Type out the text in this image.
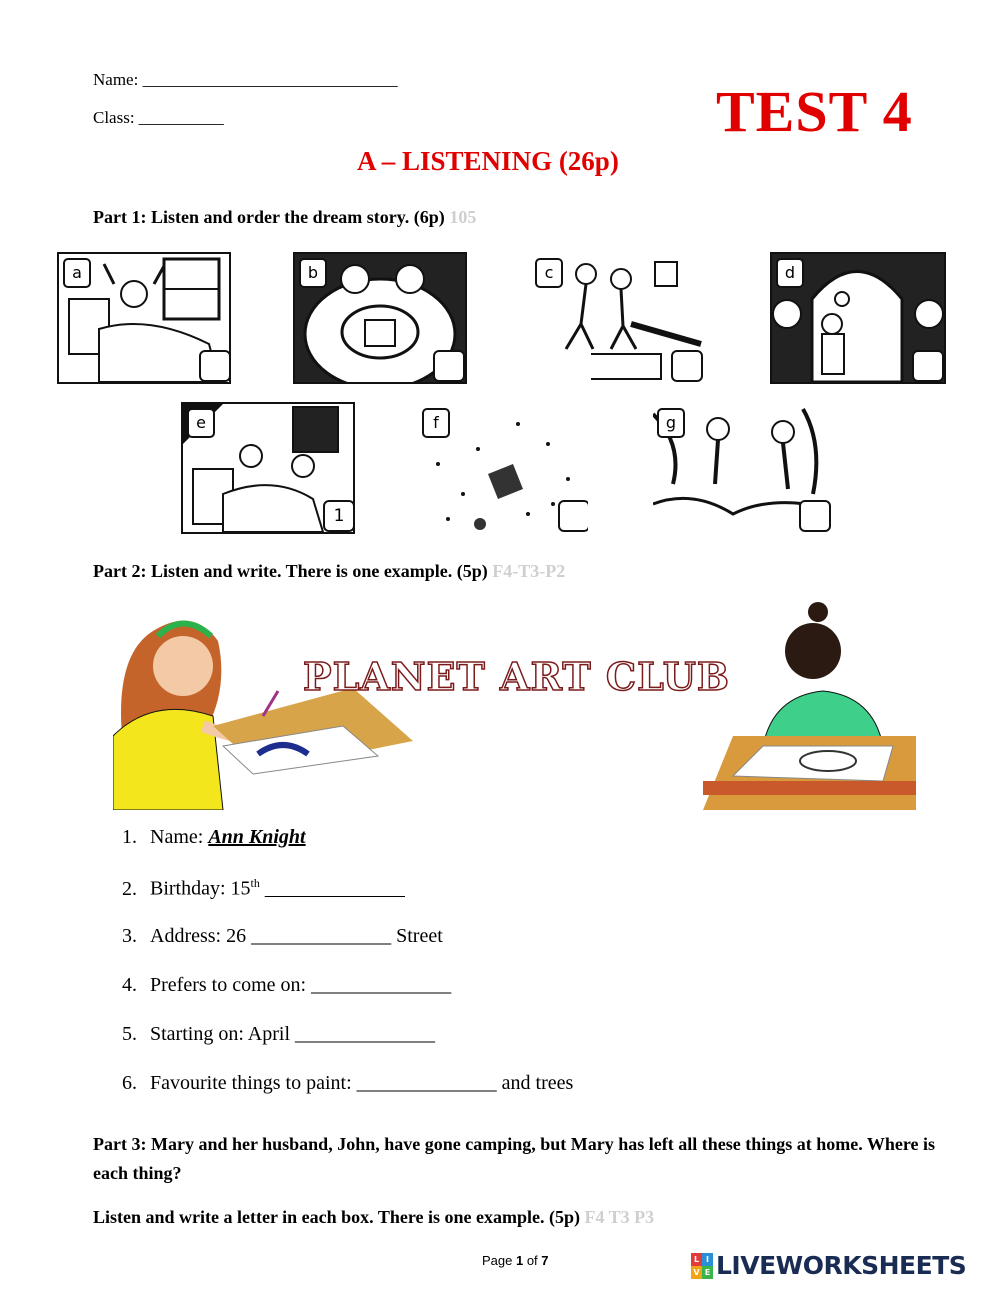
Name: ______________________________
Class: __________	TEST 4
A – LISTENING (26p)
Part 1: Listen and order the dream story. (6p) 105
a	b	c	d
e
1
f	g
Part 2: Listen and write. There is one example. (5p) F4-T3-P2
PLANET ART CLUB
1. Name: Ann Knight
2. Birthday: 15th ______________
3. Address: 26 ______________ Street
4. Prefers to come on: ______________
5. Starting on: April ______________
6. Favourite things to paint: ______________ and trees
Part 3: Mary and her husband, John, have gone camping, but Mary has left all these things at home. Where is each thing?
Listen and write a letter in each box. There is one example. (5p) F4 T3 P3
Page 1 of 7	L I
V E LIVEWORKSHEETS
